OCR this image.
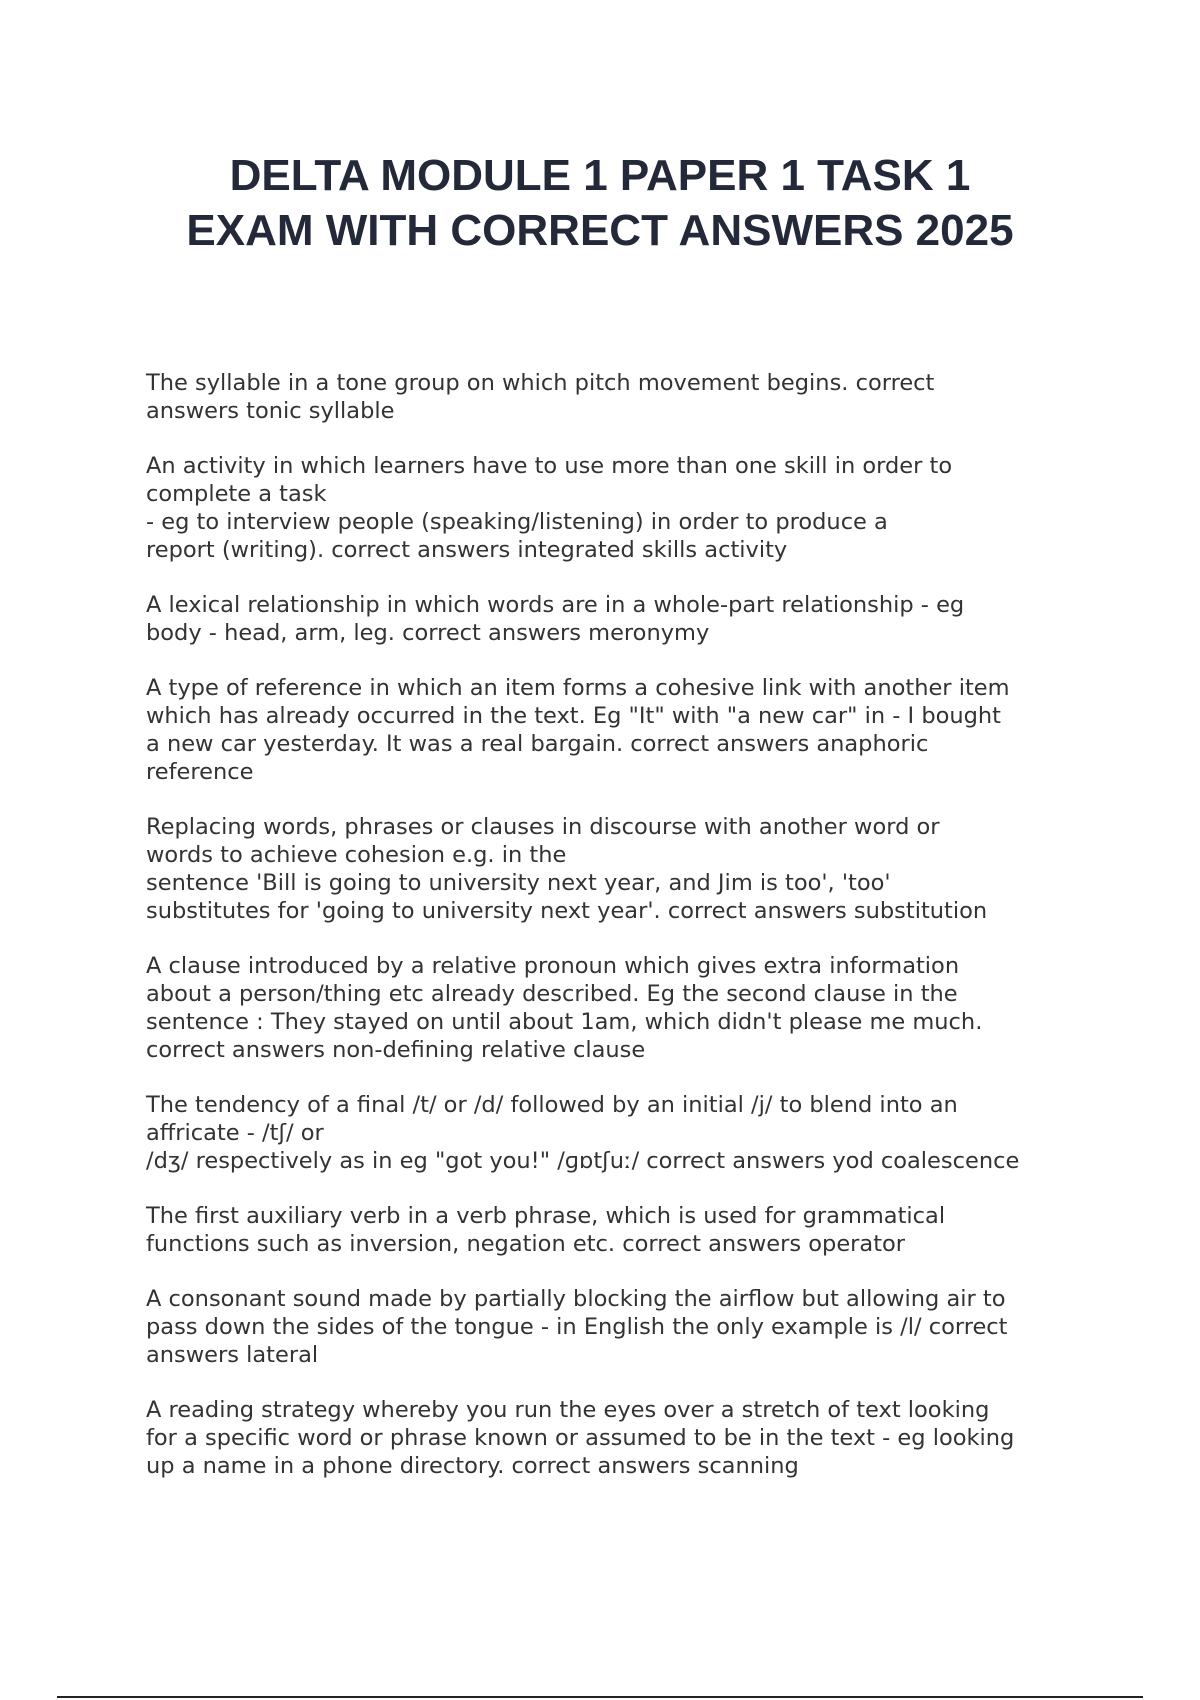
DELTA MODULE 1 PAPER 1 TASK 1
EXAM WITH CORRECT ANSWERS 2025
The syllable in a tone group on which pitch movement begins. correct
answers tonic syllable
An activity in which learners have to use more than one skill in order to
complete a task
- eg to interview people (speaking/listening) in order to produce a
report (writing). correct answers integrated skills activity
A lexical relationship in which words are in a whole-part relationship - eg
body - head, arm, leg. correct answers meronymy
A type of reference in which an item forms a cohesive link with another item
which has already occurred in the text. Eg "It" with "a new car" in - I bought
a new car yesterday. It was a real bargain. correct answers anaphoric
reference
Replacing words, phrases or clauses in discourse with another word or
words to achieve cohesion e.g. in the
sentence 'Bill is going to university next year, and Jim is too', 'too'
substitutes for 'going to university next year'. correct answers substitution
A clause introduced by a relative pronoun which gives extra information
about a person/thing etc already described. Eg the second clause in the
sentence : They stayed on until about 1am, which didn't please me much.
correct answers non-defining relative clause
The tendency of a final /t/ or /d/ followed by an initial /j/ to blend into an
affricate - /tʃ/ or
/dʒ/ respectively as in eg "got you!" /ɡɒtʃuː/ correct answers yod coalescence
The first auxiliary verb in a verb phrase, which is used for grammatical
functions such as inversion, negation etc. correct answers operator
A consonant sound made by partially blocking the airflow but allowing air to
pass down the sides of the tongue - in English the only example is /l/ correct
answers lateral
A reading strategy whereby you run the eyes over a stretch of text looking
for a specific word or phrase known or assumed to be in the text - eg looking
up a name in a phone directory. correct answers scanning
